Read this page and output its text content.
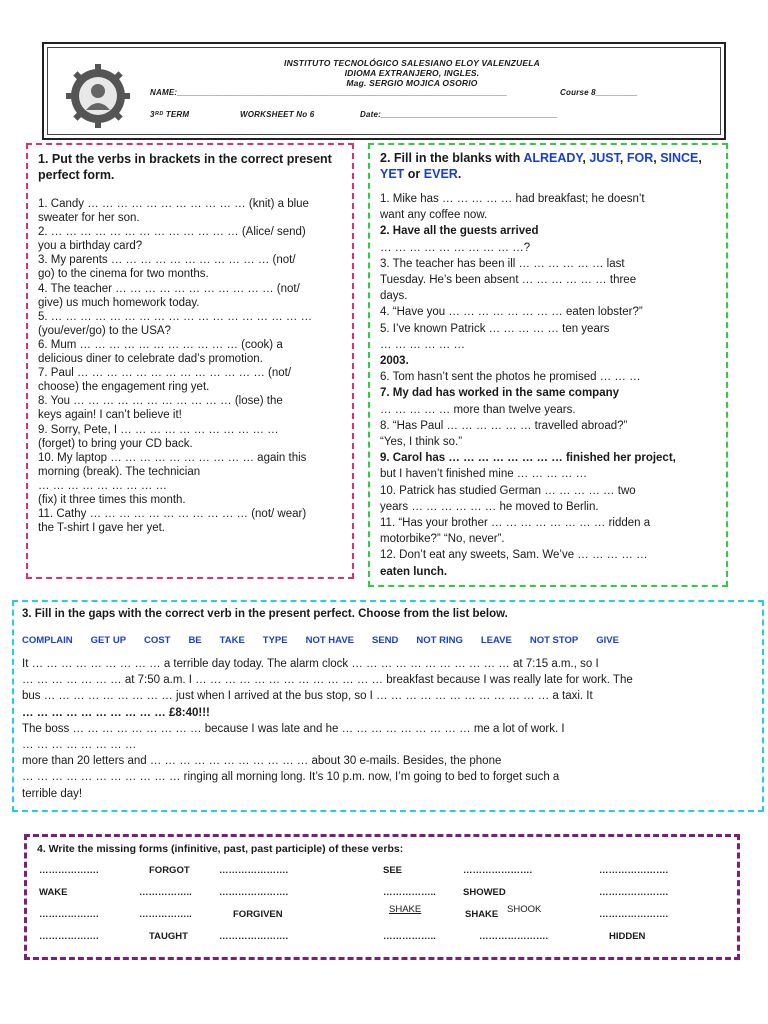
INSTITUTO TECNOLÓGICO SALESIANO ELOY VALENZUELA
IDIOMA EXTRANJERO, INGLES.
Mag. SERGIO MOJICA OSORIO
NAME:_______________________________________________________________________	Course 8_________
3ᴿᴰ TERM	WORKSHEET No 6	Date:______________________________________
1. Put the verbs in brackets in the correct present perfect form.

1. Candy … … … … … … … … … … … (knit) a blue

sweater for her son.

2. … … … … … … … … … … … … … (Alice/ send)

you a birthday card?

3. My parents … … … … … … … … … … … (not/

go) to the cinema for two months.

4. The teacher … … … … … … … … … … … (not/

give) us much homework today.

5. … … … … … … … … … … … … … … … … … …

(you/ever/go) to the USA?

6. Mum … … … … … … … … … … … (cook) a

delicious diner to celebrate dad’s promotion.

7. Paul … … … … … … … … … … … … … (not/

choose) the engagement ring yet.

8. You … … … … … … … … … … … (lose) the

keys again! I can’t believe it!

9. Sorry, Pete, I … … … … … … … … … … …

(forget) to bring your CD back.

10. My laptop … … … … … … … … … … again this

morning (break). The technician

… … … … … … … … …

(fix) it three times this month.

11. Cathy … … … … … … … … … … … (not/ wear)

the T-shirt I gave her yet.

2. Fill in the blanks with ALREADY, JUST, FOR, SINCE, YET or EVER.

1. Mike has … … … … … had breakfast; he doesn’t

want any coffee now.

2. Have all the guests arrived

… … … … … … … … … …?

3. The teacher has been ill … … … … … … last

Tuesday. He’s been absent … … … … … … three

days.

4. “Have you … … … … … … … … eaten lobster?”

5. I’ve known Patrick … … … … … ten years

… … … … … …

2003.

6. Tom hasn’t sent the photos he promised … … …

7. My dad has worked in the same company

… … … … … more than twelve years.

8. “Has Paul … … … … … … travelled abroad?”

“Yes, I think so.”

9. Carol has … … … … … … … … finished her project,

but I haven’t finished mine … … … … …

10. Patrick has studied German … … … … … two

years … … … … … … he moved to Berlin.

11. “Has your brother … … … … … … … … ridden a

motorbike?” “No, never”.

12. Don’t eat any sweets, Sam. We’ve … … … … …

eaten lunch.

3. Fill in the gaps with the correct verb in the present perfect. Choose from the list below.
COMPLAIN GET UP COST BE TAKE TYPE NOT HAVE SEND NOT RING LEAVE NOT STOP GIVE

It … … … … … … … … … a terrible day today. The alarm clock … … … … … … … … … … … at 7:15 a.m., so I

… … … … … … … at 7:50 a.m. I … … … … … … … … … … … … … breakfast because I was really late for work. The

bus … … … … … … … … … just when I arrived at the bus stop, so I … … … … … … … … … … … … a taxi. It

… … … … … … … … … … £8:40!!!

The boss … … … … … … … … … because I was late and he … … … … … … … … … me a lot of work. I

… … … … … … … …

more than 20 letters and … … … … … … … … … … … about 30 e-mails. Besides, the phone

… … … … … … … … … … … ringing all morning long. It’s 10 p.m. now, I’m going to bed to forget such a

terrible day!

4. Write the missing forms (infinitive, past, past participle) of these verbs:
……………….	FORGOT	………………….	SEE	………………….	………………….
WAKE	……………..	………………….	……………..	SHOWED	………………….
……………….	……………..	FORGIVEN	SHAKE	SHAKE SHOOK	………………….
……………….	TAUGHT	………………….	……………..	………………….	HIDDEN
